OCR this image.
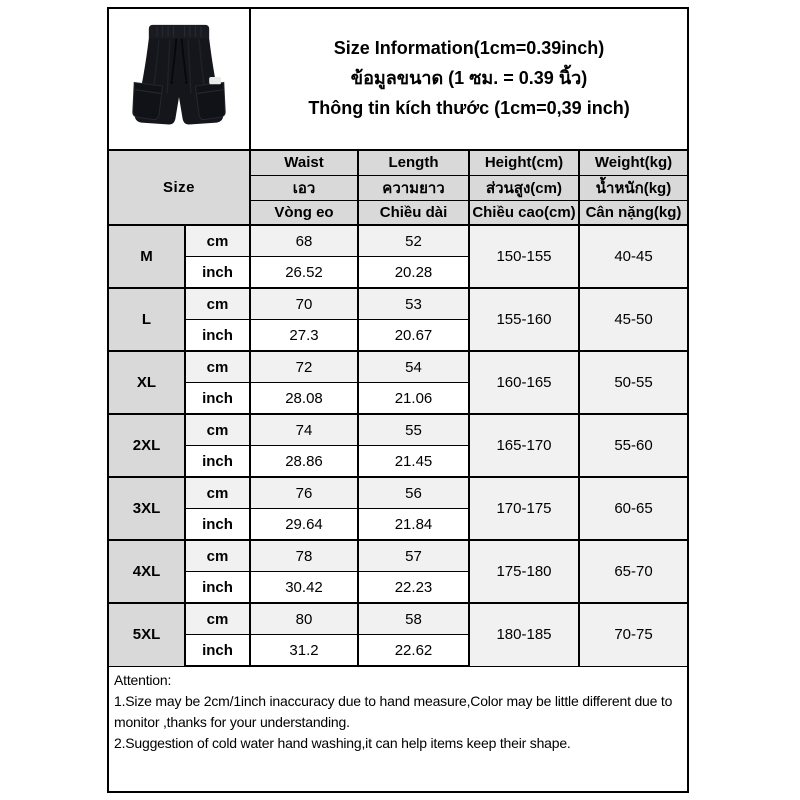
Size Information(1cm=0.39inch)
ข้อมูลขนาด (1 ซม. = 0.39 นิ้ว)
Thông tin kích thước (1cm=0,39 inch)			

Size		Waist	Length	Height(cm)	Weight(kg)
		เอว	ความยาว	ส่วนสูง(cm)	น้ำหนัก(kg)
		Vòng eo	Chiều dài	Chiều cao(cm)	Cân nặng(kg)
M	cm	68	52	150-155	40-45
	inch	26.52	20.28		
L	cm	70	53	155-160	45-50
	inch	27.3	20.67		
XL	cm	72	54	160-165	50-55
	inch	28.08	21.06		
2XL	cm	74	55	165-170	55-60
	inch	28.86	21.45		
3XL	cm	76	56	170-175	60-65
	inch	29.64	21.84		
4XL	cm	78	57	175-180	65-70
	inch	30.42	22.23		
5XL	cm	80	58	180-185	70-75
	inch	31.2	22.62		
Attention:
1.Size may be 2cm/1inch inaccuracy due to hand measure,Color may be little different due to monitor ,thanks for your understanding.
2.Suggestion of cold water hand washing,it can help items keep their shape.
